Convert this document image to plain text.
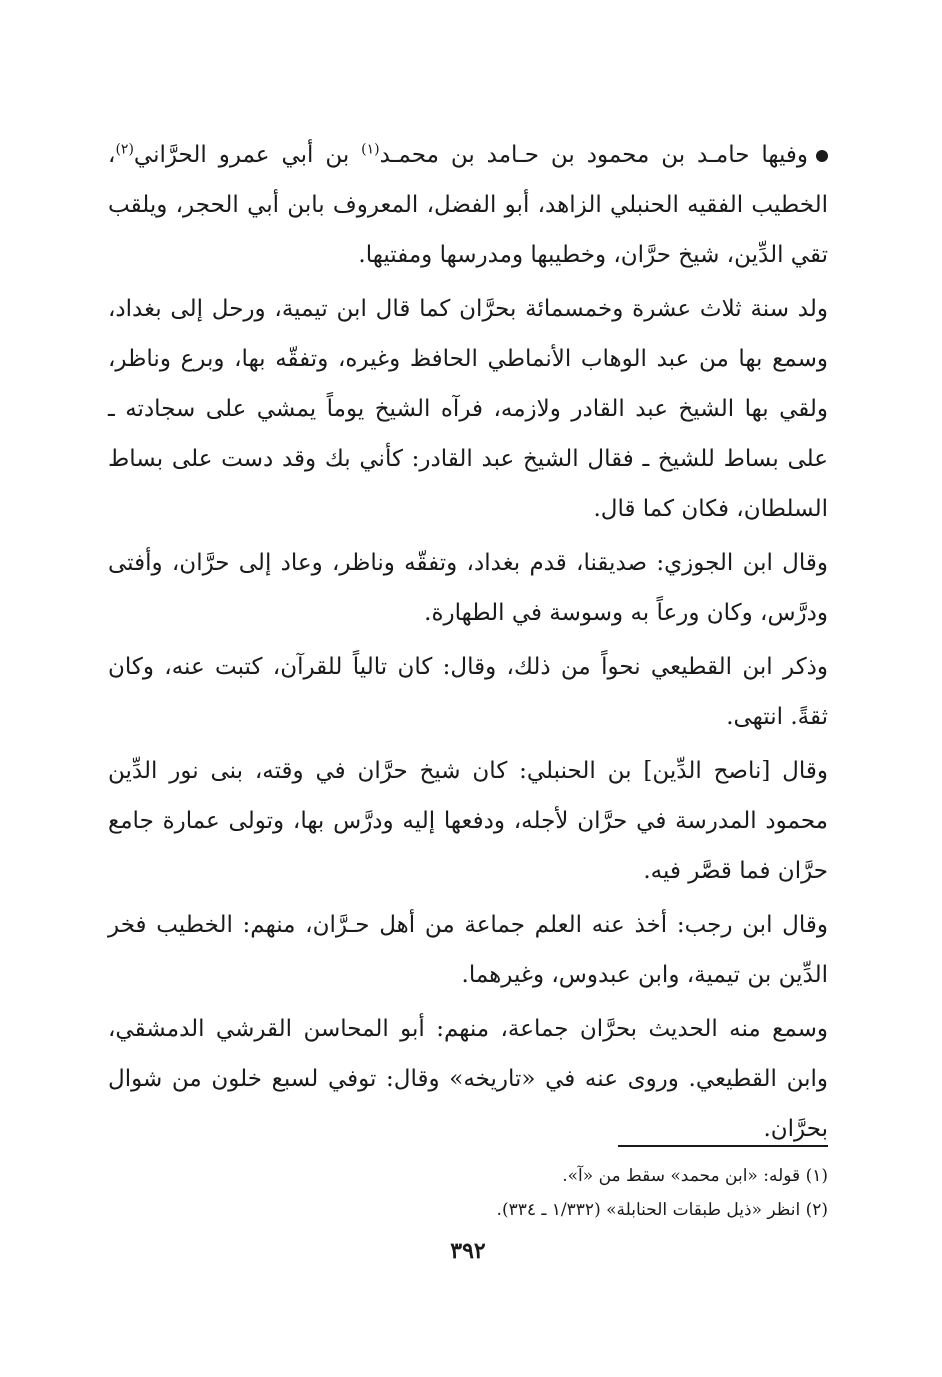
وفيها حامـد بن محمود بن حـامد بن محمـد$^{(١)}$ بن أبي عمرو الحرَّاني$^{(٢)}$، الخطيب الفقيه الحنبلي الزاهد، أبو الفضل، المعروف بابن أبي الحجر، ويلقب تقي الدِّين، شيخ حرَّان، وخطيبها ومدرسها ومفتيها.

ولد سنة ثلاث عشرة وخمسمائة بحرَّان كما قال ابن تيمية، ورحل إلى بغداد، وسمع بها من عبد الوهاب الأنماطي الحافظ وغيره، وتفقّه بها، وبرع وناظر، ولقي بها الشيخ عبد القادر ولازمه، فرآه الشيخ يوماً يمشي على سجادته ـ على بساط للشيخ ـ فقال الشيخ عبد القادر: كأني بك وقد دست على بساط السلطان، فكان كما قال.

وقال ابن الجوزي: صديقنا، قدم بغداد، وتفقّه وناظر، وعاد إلى حرَّان، وأفتى ودرَّس، وكان ورعاً به وسوسة في الطهارة.

وذكر ابن القطيعي نحواً من ذلك، وقال: كان تالياً للقرآن، كتبت عنه، وكان ثقةً. انتهى.

وقال [ناصح الدِّين] بن الحنبلي: كان شيخ حرَّان في وقته، بنى نور الدِّين محمود المدرسة في حرَّان لأجله، ودفعها إليه ودرَّس بها، وتولى عمارة جامع حرَّان فما قصَّر فيه.

وقال ابن رجب: أخذ عنه العلم جماعة من أهل حـرَّان، منهم: الخطيب فخر الدِّين بن تيمية، وابن عبدوس، وغيرهما.

وسمع منه الحديث بحرَّان جماعة، منهم: أبو المحاسن القرشي الدمشقي، وابن القطيعي. وروى عنه في «تاريخه» وقال: توفي لسبع خلون من شوال بحرَّان.

(١) قوله: «ابن محمد» سقط من «آ».

(٢) انظر «ذيل طبقات الحنابلة» (١/٣٣٢ ـ ٣٣٤).

٣٩٢
